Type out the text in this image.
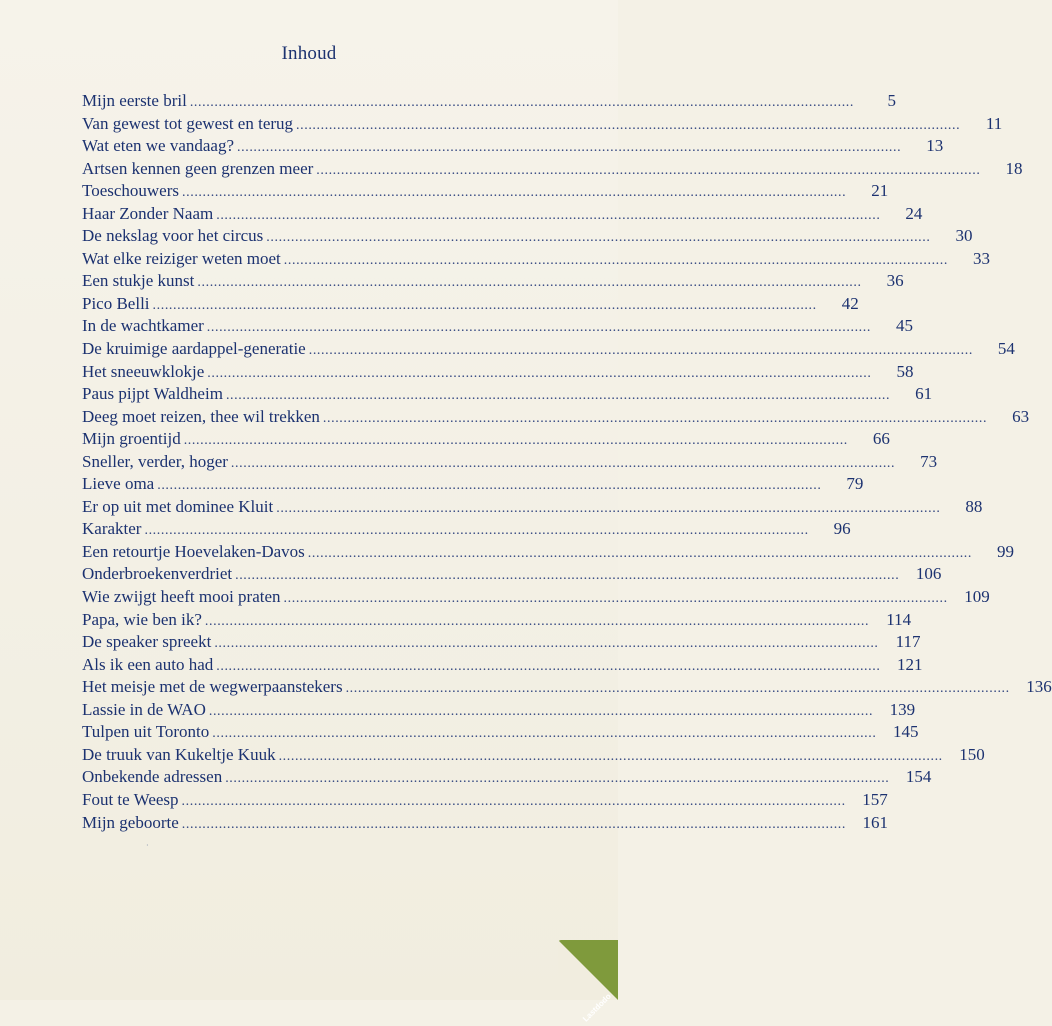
Inhoud
Mijn eerste bril .....	5
Van gewest tot gewest en terug .....	11
Wat eten we vandaag? .....	13
Artsen kennen geen grenzen meer .....	18
Toeschouwers .....	21
Haar Zonder Naam .....	24
De nekslag voor het circus .....	30
Wat elke reiziger weten moet .....	33
Een stukje kunst .....	36
Pico Belli .....	42
In de wachtkamer .....	45
De kruimige aardappel-generatie .....	54
Het sneeuwklokje .....	58
Paus pijpt Waldheim .....	61
Deeg moet reizen, thee wil trekken .....	63
Mijn groentijd .....	66
Sneller, verder, hoger .....	73
Lieve oma .....	79
Er op uit met dominee Kluit .....	88
Karakter .....	96
Een retourtje Hoevelaken-Davos .....	99
Onderbroekenverdriet .....	106
Wie zwijgt heeft mooi praten .....	109
Papa, wie ben ik? .....	114
De speaker spreekt .....	117
Als ik een auto had .....	121
Het meisje met de wegwerpaanstekers .....	136
Lassie in de WAO .....	139
Tulpen uit Toronto .....	145
De truuk van Kukeltje Kuuk .....	150
Onbekende adressen .....	154
Fout te Weesp .....	157
Mijn geboorte .....	161
·
Lastdodo
